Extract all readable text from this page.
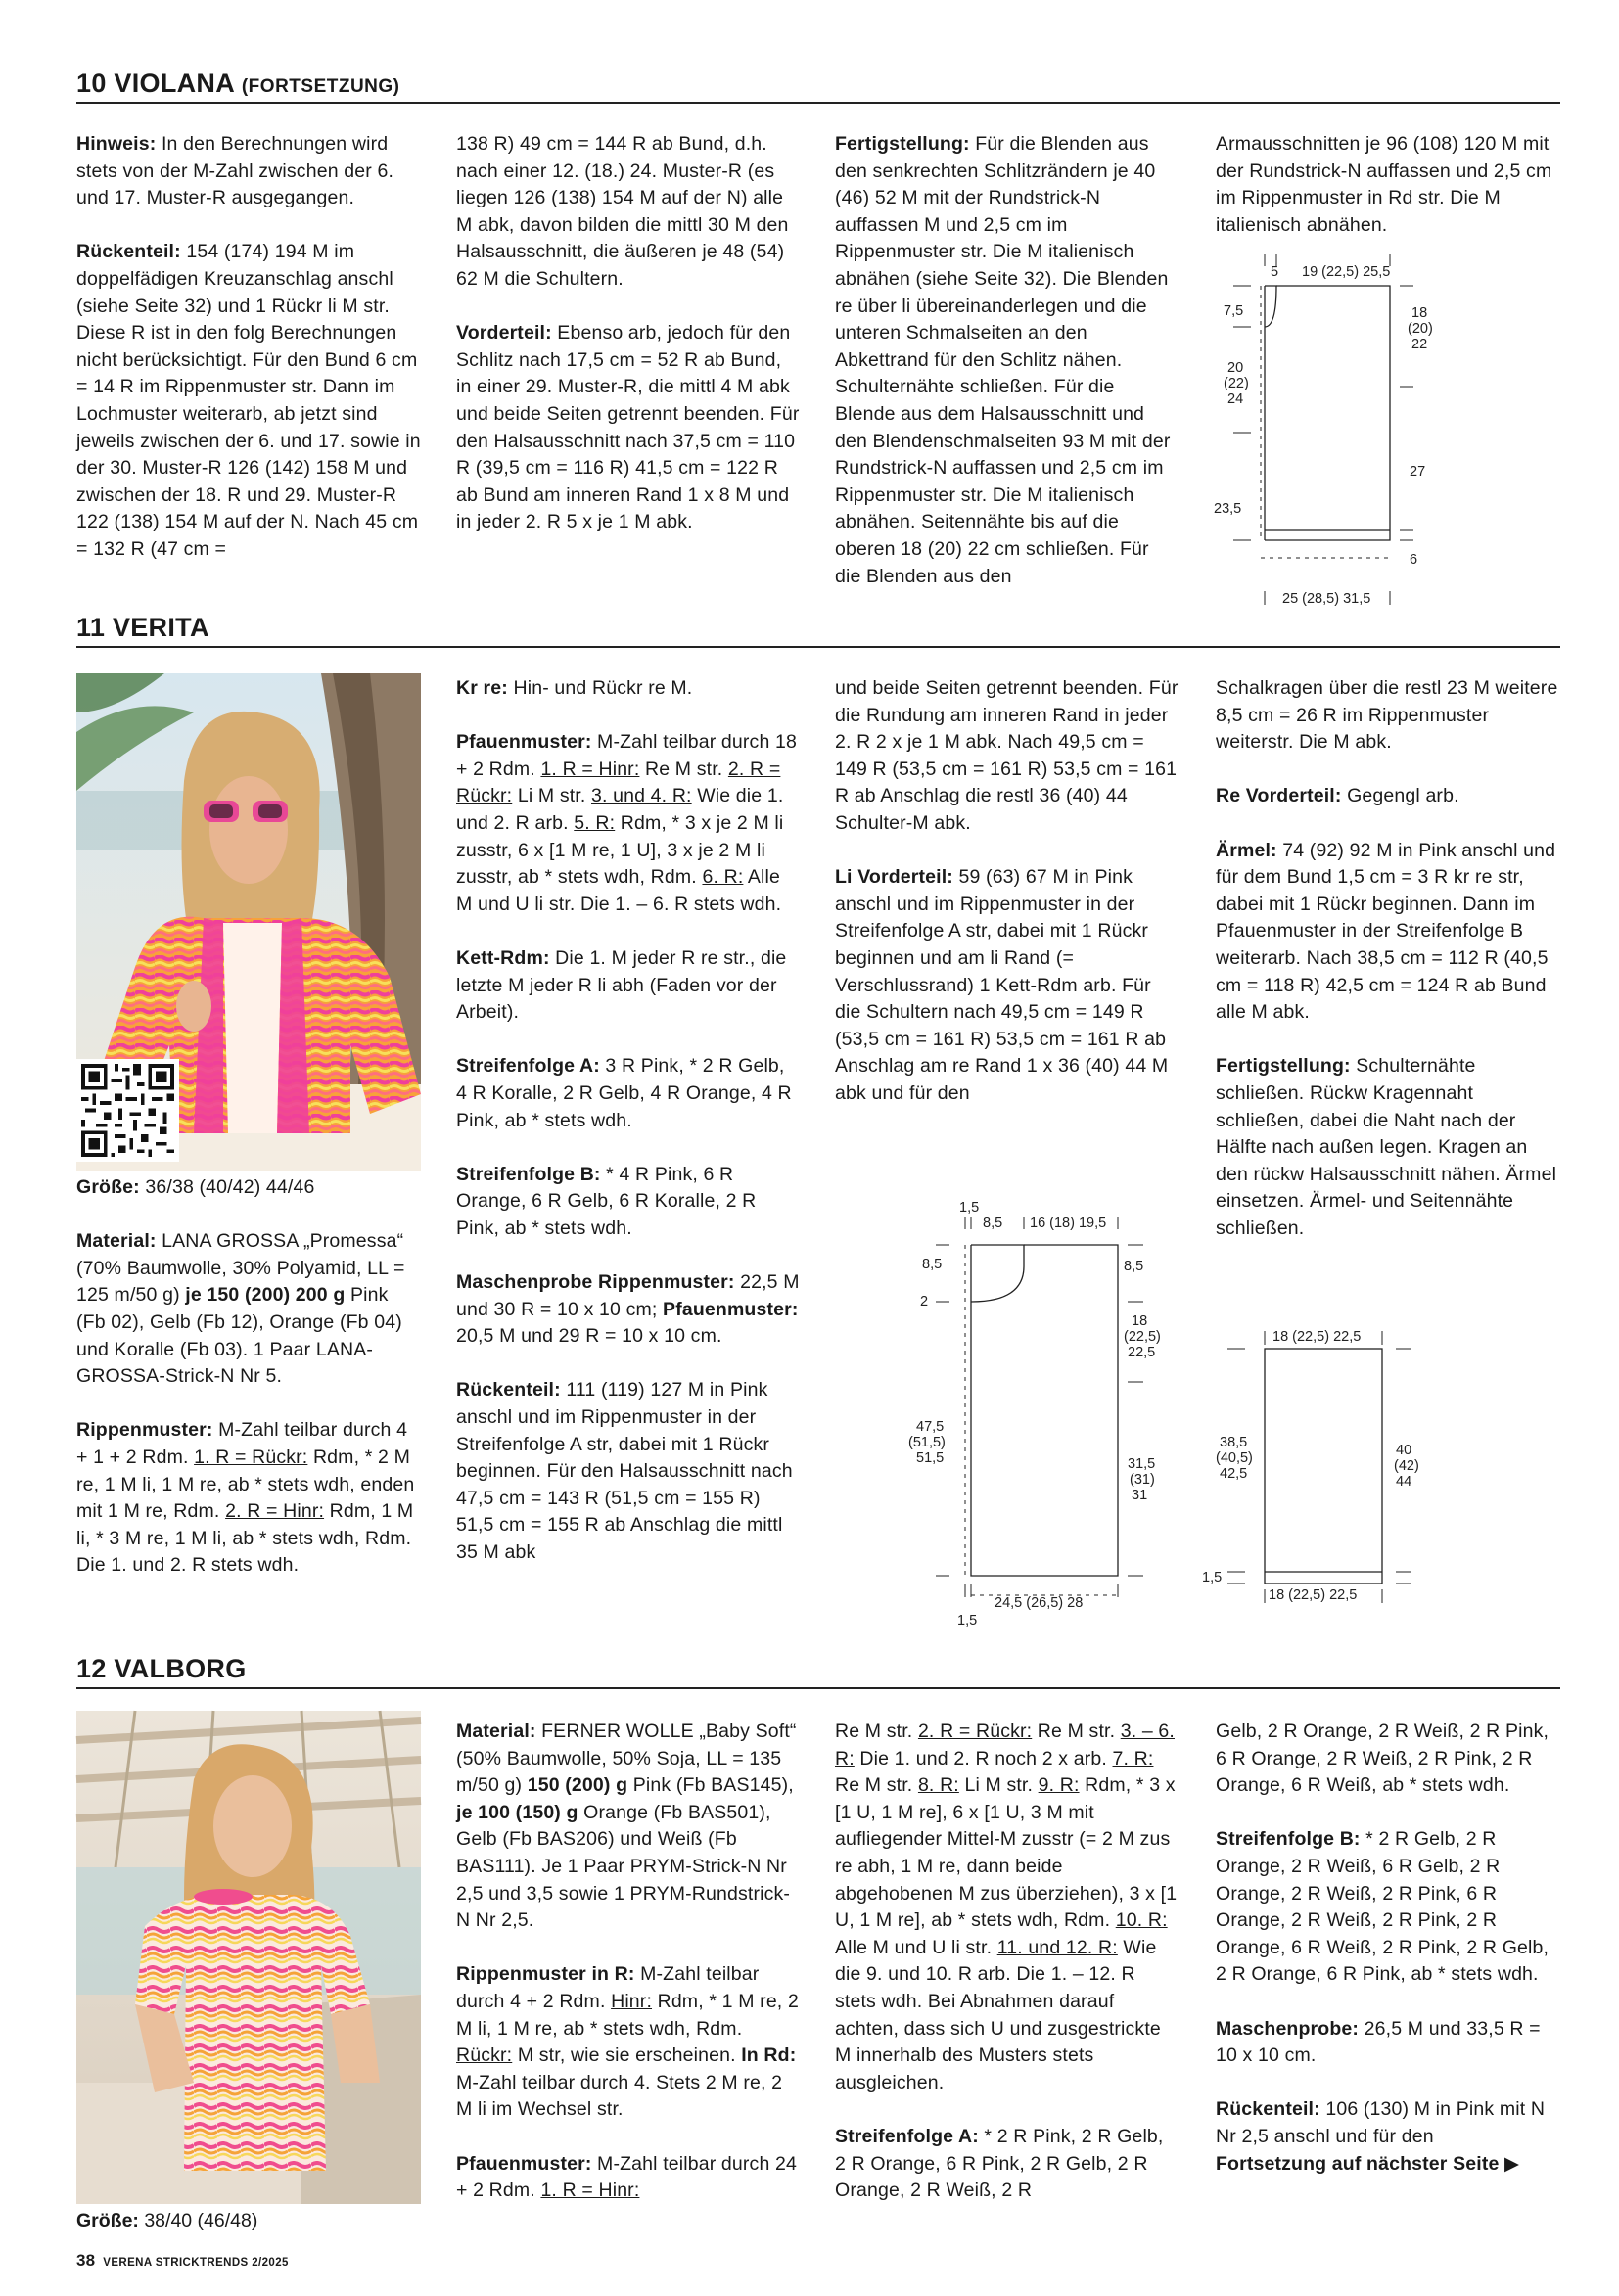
10 VIOLANA (FORTSETZUNG)

Hinweis: In den Berechnungen wird stets von der M-Zahl zwischen der 6. und 17. Muster-R ausgegangen.

Rückenteil: 154 (174) 194 M im doppelfädigen Kreuzanschlag anschl (siehe Seite 32) und 1 Rückr li M str. Diese R ist in den folg Berechnungen nicht berücksichtigt. Für den Bund 6 cm = 14 R im Rippenmuster str. Dann im Lochmuster weiterarb, ab jetzt sind jeweils zwischen der 6. und 17. sowie in der 30. Muster-R 126 (142) 158 M und zwischen der 18. R und 29. Muster-R 122 (138) 154 M auf der N. Nach 45 cm = 132 R (47 cm =

138 R) 49 cm = 144 R ab Bund, d.h. nach einer 12. (18.) 24. Muster-R (es liegen 126 (138) 154 M auf der N) alle M abk, davon bilden die mittl 30 M den Halsausschnitt, die äußeren je 48 (54) 62 M die Schultern.

Vorderteil: Ebenso arb, jedoch für den Schlitz nach 17,5 cm = 52 R ab Bund, in einer 29. Muster-R, die mittl 4 M abk und beide Seiten getrennt beenden. Für den Halsausschnitt nach 37,5 cm = 110 R (39,5 cm = 116 R) 41,5 cm = 122 R ab Bund am inneren Rand 1 x 8 M und in jeder 2. R 5 x je 1 M abk.

Fertigstellung: Für die Blenden aus den senkrechten Schlitzrändern je 40 (46) 52 M mit der Rundstrick-N auffassen M und 2,5 cm im Rippenmuster str. Die M italienisch abnähen (siehe Seite 32). Die Blenden re über li übereinanderlegen und die unteren Schmalseiten an den Abkettrand für den Schlitz nähen. Schulternähte schließen. Für die Blende aus dem Halsausschnitt und den Blendenschmalseiten 93 M mit der Rundstrick-N auffassen und 2,5 cm im Rippenmuster str. Die M italienisch abnähen. Seitennähte bis auf die oberen 18 (20) 22 cm schließen. Für die Blenden aus den

Armausschnitten je 96 (108) 120 M mit der Rundstrick-N auffassen und 2,5 cm im Rippenmuster in Rd str. Die M italienisch abnähen.

5 19 (22,5) 25,5
7,5	18
(20)
22
20
(22)
24
27
23,5
6
25 (28,5) 31,5
11 VERITA

Größe: 36/38 (40/42) 44/46

Material: LANA GROSSA „Promessa“ (70% Baumwolle, 30% Polyamid, LL = 125 m/50 g) je 150 (200) 200 g Pink (Fb 02), Gelb (Fb 12), Orange (Fb 04) und Koralle (Fb 03). 1 Paar LANA-GROSSA-Strick-N Nr 5.

Rippenmuster: M-Zahl teilbar durch 4 + 1 + 2 Rdm. 1. R = Rückr: Rdm, * 2 M re, 1 M li, 1 M re, ab * stets wdh, enden mit 1 M re, Rdm. 2. R = Hinr: Rdm, 1 M li, * 3 M re, 1 M li, ab * stets wdh, Rdm. Die 1. und 2. R stets wdh.

Kr re: Hin- und Rückr re M.

Pfauenmuster: M-Zahl teilbar durch 18 + 2 Rdm. 1. R = Hinr: Re M str. 2. R = Rückr: Li M str. 3. und 4. R: Wie die 1. und 2. R arb. 5. R: Rdm, * 3 x je 2 M li zusstr, 6 x [1 M re, 1 U], 3 x je 2 M li zusstr, ab * stets wdh, Rdm. 6. R: Alle M und U li str. Die 1. – 6. R stets wdh.

Kett-Rdm: Die 1. M jeder R re str., die letzte M jeder R li abh (Faden vor der Arbeit).

Streifenfolge A: 3 R Pink, * 2 R Gelb, 4 R Koralle, 2 R Gelb, 4 R Orange, 4 R Pink, ab * stets wdh.

Streifenfolge B: * 4 R Pink, 6 R Orange, 6 R Gelb, 6 R Koralle, 2 R Pink, ab * stets wdh.

Maschenprobe Rippenmuster: 22,5 M und 30 R = 10 x 10 cm; Pfauenmuster: 20,5 M und 29 R = 10 x 10 cm.

Rückenteil: 111 (119) 127 M in Pink anschl und im Rippenmuster in der Streifenfolge A str, dabei mit 1 Rückr beginnen. Für den Halsausschnitt nach 47,5 cm = 143 R (51,5 cm = 155 R) 51,5 cm = 155 R ab Anschlag die mittl 35 M abk

und beide Seiten getrennt beenden. Für die Rundung am inneren Rand in jeder 2. R 2 x je 1 M abk. Nach 49,5 cm = 149 R (53,5 cm = 161 R) 53,5 cm = 161 R ab Anschlag die restl 36 (40) 44 Schulter-M abk.

Li Vorderteil: 59 (63) 67 M in Pink anschl und im Rippenmuster in der Streifenfolge A str, dabei mit 1 Rückr beginnen und am li Rand (= Verschlussrand) 1 Kett-Rdm arb. Für die Schultern nach 49,5 cm = 149 R (53,5 cm = 161 R) 53,5 cm = 161 R ab Anschlag am re Rand 1 x 36 (40) 44 M abk und für den

Schalkragen über die restl 23 M weitere 8,5 cm = 26 R im Rippenmuster weiterstr. Die M abk.

Re Vorderteil: Gegengl arb.

Ärmel: 74 (92) 92 M in Pink anschl und für dem Bund 1,5 cm = 3 R kr re str, dabei mit 1 Rückr beginnen. Dann im Pfauenmuster in der Streifenfolge B weiterarb. Nach 38,5 cm = 112 R (40,5 cm = 118 R) 42,5 cm = 124 R ab Bund alle M abk.

Fertigstellung: Schulternähte schließen. Rückw Kragennaht schließen, dabei die Naht nach der Hälfte nach außen legen. Kragen an den rückw Halsausschnitt nähen. Ärmel einsetzen. Ärmel- und Seitennähte schließen.

1,5
8,5 16 (18) 19,5
8,5	8,5
2
18
(22,5)
22,5
47,5
(51,5)
51,5	31,5
(31)
31
24,5 (26,5) 28
1,5
18 (22,5) 22,5
38,5
(40,5)
42,5
40
(42)
44
1,5
18 (22,5) 22,5
12 VALBORG
Größe: 38/40 (46/48)

Material: FERNER WOLLE „Baby Soft“ (50% Baumwolle, 50% Soja, LL = 135 m/50 g) 150 (200) g Pink (Fb BAS145), je 100 (150) g Orange (Fb BAS501), Gelb (Fb BAS206) und Weiß (Fb BAS111). Je 1 Paar PRYM-Strick-N Nr 2,5 und 3,5 sowie 1 PRYM-Rundstrick-N Nr 2,5.

Rippenmuster in R: M-Zahl teilbar durch 4 + 2 Rdm. Hinr: Rdm, * 1 M re, 2 M li, 1 M re, ab * stets wdh, Rdm. Rückr: M str, wie sie erscheinen. In Rd: M-Zahl teilbar durch 4. Stets 2 M re, 2 M li im Wechsel str.

Pfauenmuster: M-Zahl teilbar durch 24 + 2 Rdm. 1. R = Hinr:

Re M str. 2. R = Rückr: Re M str. 3. – 6. R: Die 1. und 2. R noch 2 x arb. 7. R: Re M str. 8. R: Li M str. 9. R: Rdm, * 3 x [1 U, 1 M re], 6 x [1 U, 3 M mit aufliegender Mittel-M zusstr (= 2 M zus re abh, 1 M re, dann beide abgehobenen M zus überziehen), 3 x [1 U, 1 M re], ab * stets wdh, Rdm. 10. R: Alle M und U li str. 11. und 12. R: Wie die 9. und 10. R arb. Die 1. – 12. R stets wdh. Bei Abnahmen darauf achten, dass sich U und zusgestrickte M innerhalb des Musters stets ausgleichen.

Streifenfolge A: * 2 R Pink, 2 R Gelb, 2 R Orange, 6 R Pink, 2 R Gelb, 2 R Orange, 2 R Weiß, 2 R

Gelb, 2 R Orange, 2 R Weiß, 2 R Pink, 6 R Orange, 2 R Weiß, 2 R Pink, 2 R Orange, 6 R Weiß, ab * stets wdh.

Streifenfolge B: * 2 R Gelb, 2 R Orange, 2 R Weiß, 6 R Gelb, 2 R Orange, 2 R Weiß, 2 R Pink, 6 R Orange, 2 R Weiß, 2 R Pink, 2 R Orange, 6 R Weiß, 2 R Pink, 2 R Gelb, 2 R Orange, 6 R Pink, ab * stets wdh.

Maschenprobe: 26,5 M und 33,5 R = 10 x 10 cm.

Rückenteil: 106 (130) M in Pink mit N Nr 2,5 anschl und für den
Fortsetzung auf nächster Seite ▶

38 VERENA STRICKTRENDS 2/2025
